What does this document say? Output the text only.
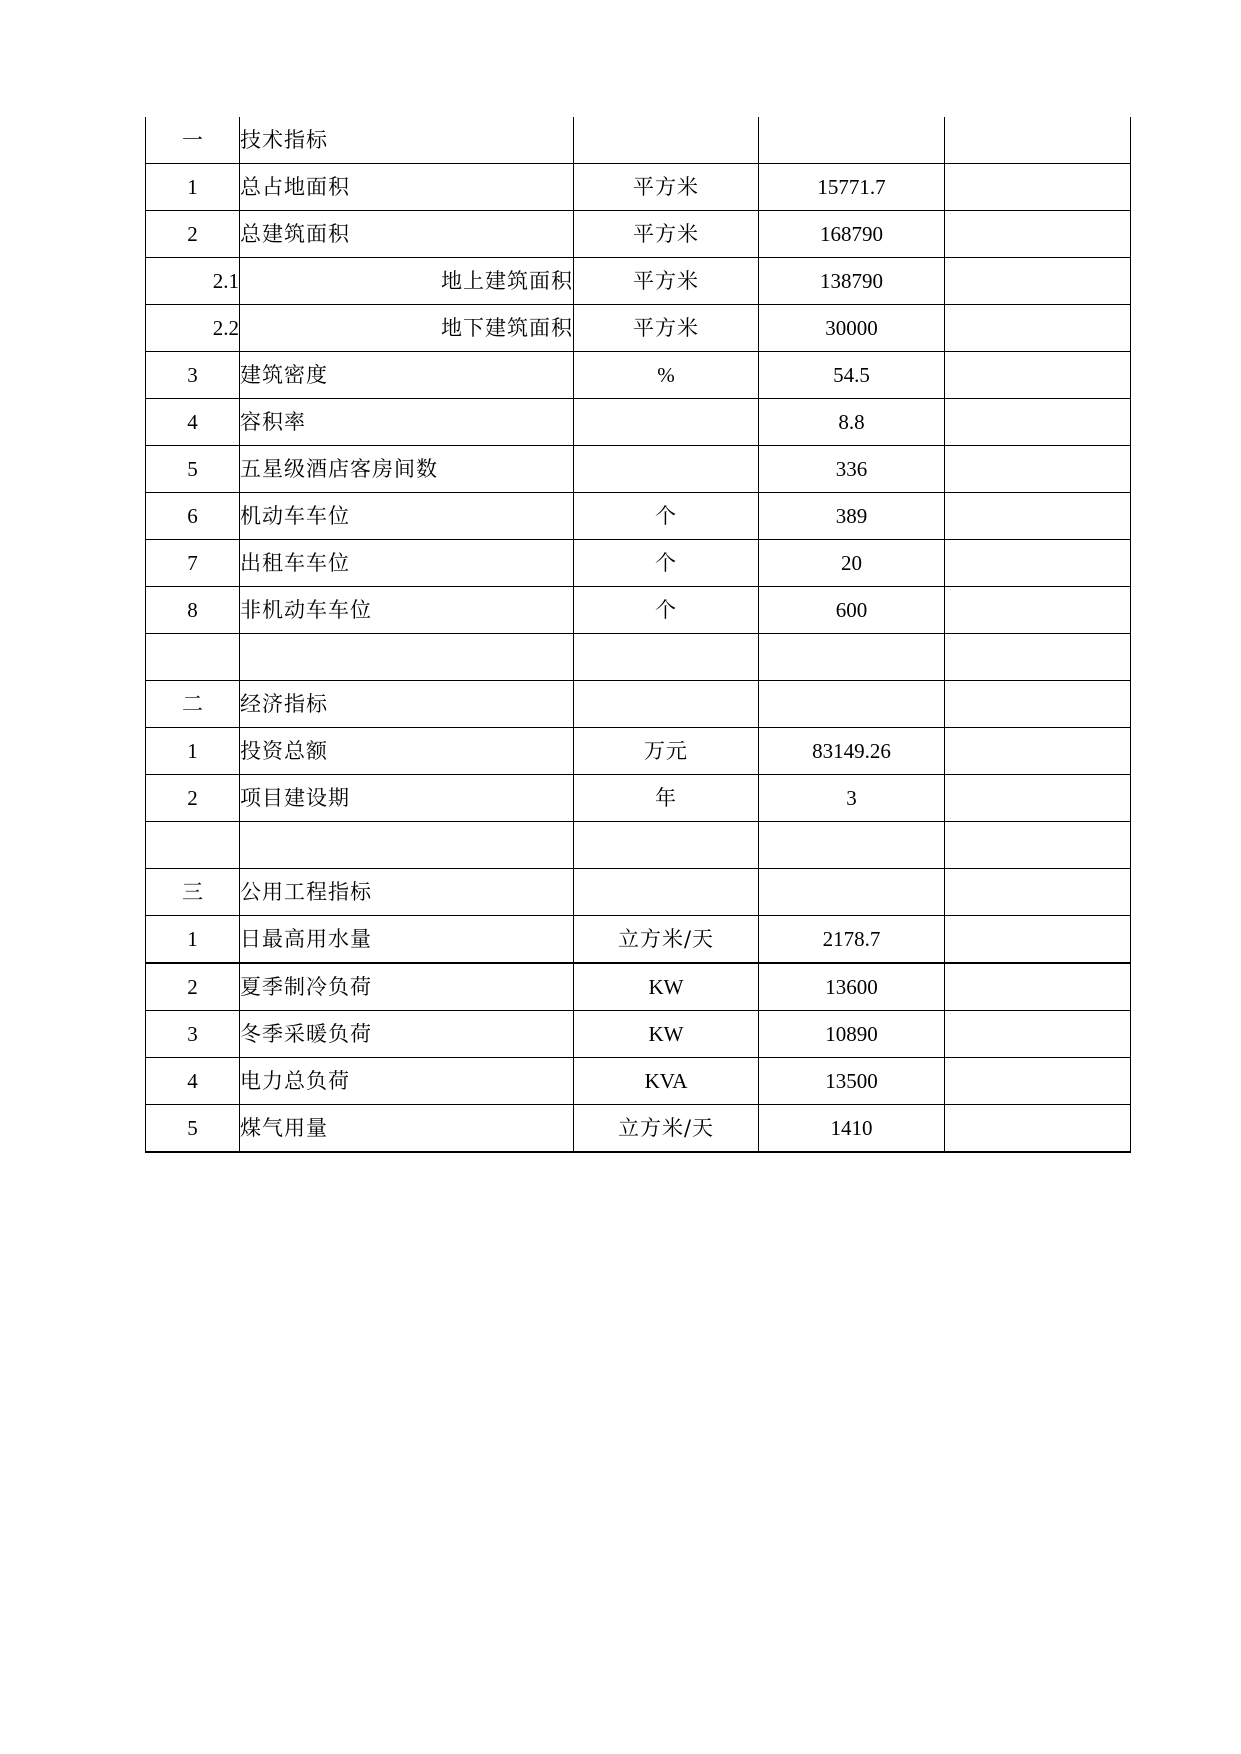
一	技术指标			
1	总占地面积	平方米	15771.7	
2	总建筑面积	平方米	168790	
2.1	地上建筑面积	平方米	138790	
2.2	地下建筑面积	平方米	30000	
3	建筑密度	%	54.5	
4	容积率		8.8	
5	五星级酒店客房间数		336	
6	机动车车位	个	389	
7	出租车车位	个	20	
8	非机动车车位	个	600	

二	经济指标			
1	投资总额	万元	83149.26	
2	项目建设期	年	3	

三	公用工程指标			
1	日最高用水量	立方米/天	2178.7	
2	夏季制冷负荷	KW	13600	
3	冬季采暖负荷	KW	10890	
4	电力总负荷	KVA	13500	
5	煤气用量	立方米/天	1410	
